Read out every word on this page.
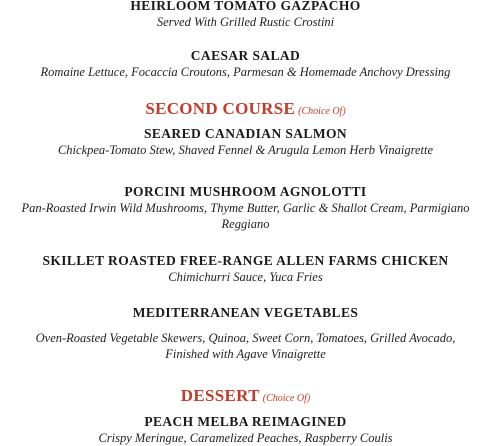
HEIRLOOM TOMATO GAZPACHO
Served With Grilled Rustic Crostini
CAESAR SALAD
Romaine Lettuce, Focaccia Croutons, Parmesan & Homemade Anchovy Dressing
SECOND COURSE (Choice Of)
SEARED CANADIAN SALMON
Chickpea-Tomato Stew, Shaved Fennel & Arugula Lemon Herb Vinaigrette
PORCINI MUSHROOM AGNOLOTTI
Pan-Roasted Irwin Wild Mushrooms, Thyme Butter, Garlic & Shallot Cream, Parmigiano Reggiano
SKILLET ROASTED FREE-RANGE ALLEN FARMS CHICKEN
Chimichurri Sauce, Yuca Fries
MEDITERRANEAN VEGETABLES
Oven-Roasted Vegetable Skewers, Quinoa, Sweet Corn, Tomatoes, Grilled Avocado, Finished with Agave Vinaigrette
DESSERT (Choice Of)
PEACH MELBA REIMAGINED
Crispy Meringue, Caramelized Peaches, Raspberry Coulis
